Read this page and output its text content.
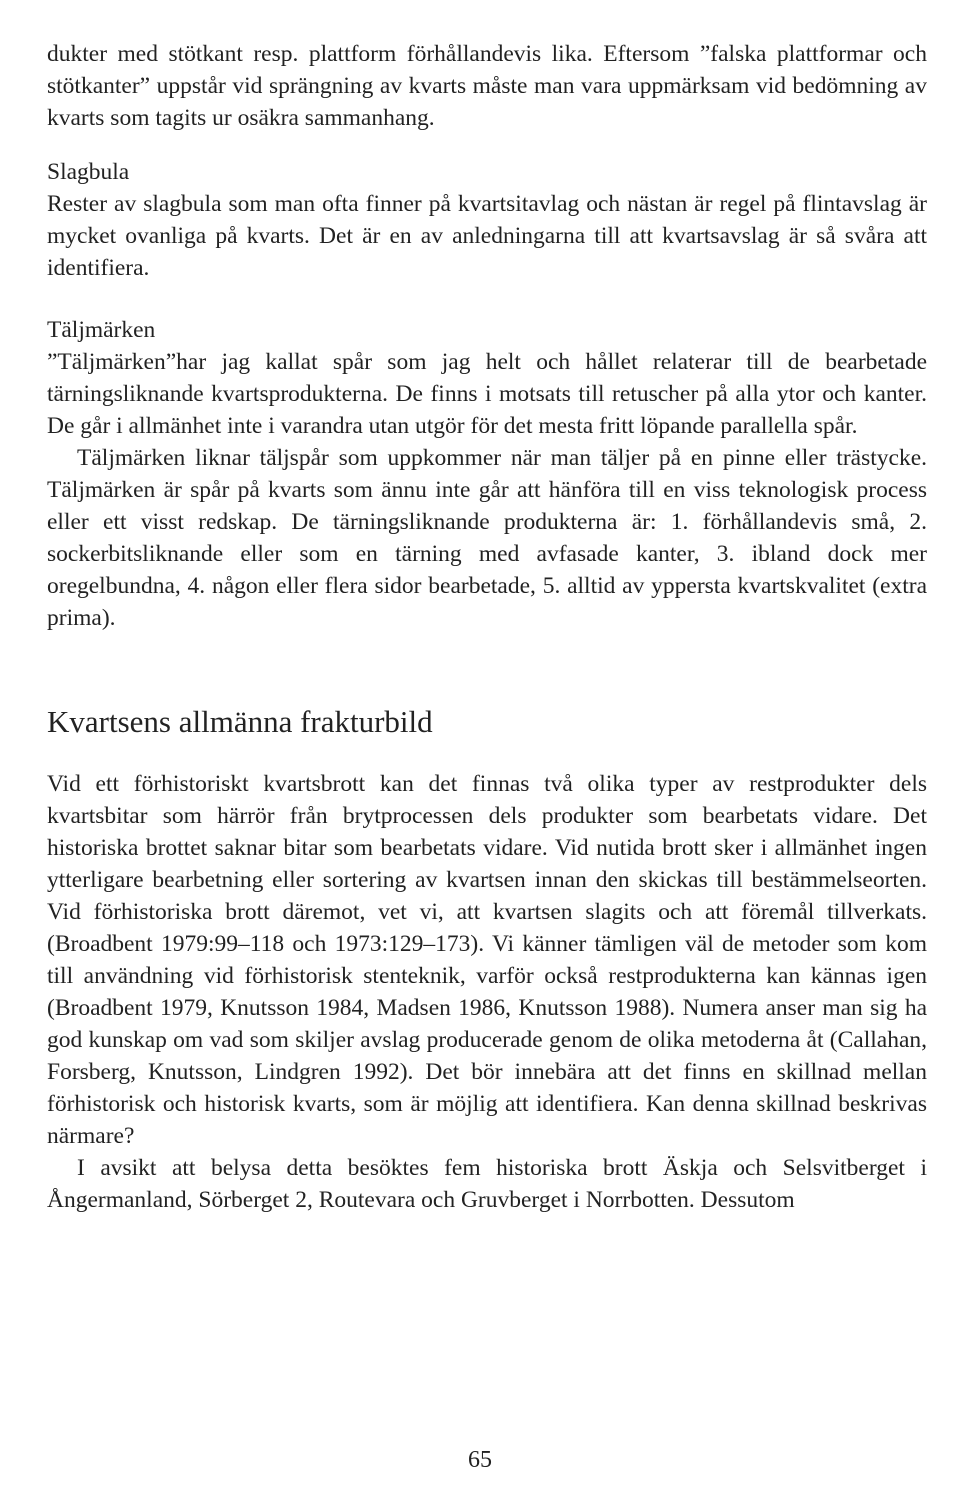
dukter med stötkant resp. plattform förhållandevis lika. Eftersom ”falska plattformar och stötkanter” uppstår vid sprängning av kvarts måste man vara uppmärksam vid bedömning av kvarts som tagits ur osäkra sammanhang.

Slagbula

Rester av slagbula som man ofta finner på kvartsitavlag och nästan är regel på flintavslag är mycket ovanliga på kvarts. Det är en av anledningarna till att kvartsavslag är så svåra att identifiera.

Täljmärken

”Täljmärken”har jag kallat spår som jag helt och hållet relaterar till de bearbetade tärningsliknande kvartsprodukterna. De finns i motsats till retuscher på alla ytor och kanter. De går i allmänhet inte i varandra utan utgör för det mesta fritt löpande parallella spår.

Täljmärken liknar täljspår som uppkommer när man täljer på en pinne eller trästycke. Täljmärken är spår på kvarts som ännu inte går att hänföra till en viss teknologisk process eller ett visst redskap. De tärningsliknande produkterna är: 1. förhållandevis små, 2. sockerbitsliknande eller som en tärning med avfasade kanter, 3. ibland dock mer oregelbundna, 4. någon eller flera sidor bearbetade, 5. alltid av yppersta kvartskvalitet (extra prima).

Kvartsens allmänna frakturbild

Vid ett förhistoriskt kvartsbrott kan det finnas två olika typer av restprodukter dels kvartsbitar som härrör från brytprocessen dels produkter som bearbetats vidare. Det historiska brottet saknar bitar som bearbetats vidare. Vid nutida brott sker i allmänhet ingen ytterligare bearbetning eller sortering av kvartsen innan den skickas till bestämmelseorten. Vid förhistoriska brott däremot, vet vi, att kvartsen slagits och att föremål tillverkats. (Broadbent 1979:99–118 och 1973:129–173). Vi känner tämligen väl de metoder som kom till användning vid förhistorisk stenteknik, varför också restprodukterna kan kännas igen (Broadbent 1979, Knutsson 1984, Madsen 1986, Knutsson 1988). Numera anser man sig ha god kunskap om vad som skiljer avslag producerade genom de olika metoderna åt (Callahan, Forsberg, Knutsson, Lindgren 1992). Det bör innebära att det finns en skillnad mellan förhistorisk och historisk kvarts, som är möjlig att identifiera. Kan denna skillnad beskrivas närmare?

I avsikt att belysa detta besöktes fem historiska brott Äskja och Selsvitberget i Ångermanland, Sörberget 2, Routevara och Gruvberget i Norrbotten. Dessutom

65
